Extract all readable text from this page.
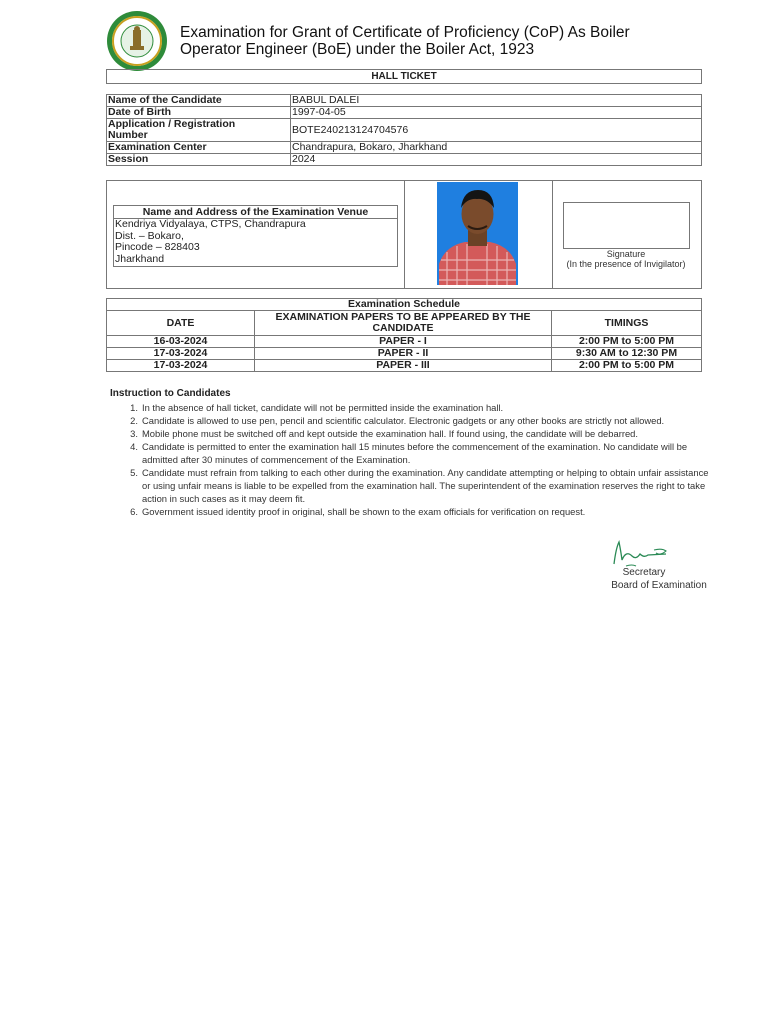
Examination for Grant of Certificate of Proficiency (CoP) As Boiler
Operator Engineer (BoE) under the Boiler Act, 1923
HALL TICKET
Name of the Candidate	BABUL DALEI
Date of Birth	1997-04-05

Application / Registration
Number	BOTE240213124704576
Examination Center	Chandrapura, Bokaro, Jharkhand
Session	2024
Name and Address of the Examination Venue
Kendriya Vidyalaya, CTPS, Chandrapura
Dist. – Bokaro,
Pincode – 828403
Jharkhand	Signature
(In the presence of Invigilator)
Examination Schedule		
DATE	EXAMINATION PAPERS TO BE APPEARED BY THE CANDIDATE	TIMINGS
16-03-2024	PAPER - I	2:00 PM to 5:00 PM
17-03-2024	PAPER - II	9:30 AM to 12:30 PM
17-03-2024	PAPER - III	2:00 PM to 5:00 PM
Instruction to Candidates
1. In the absence of hall ticket, candidate will not be permitted inside the examination hall.
2. Candidate is allowed to use pen, pencil and scientific calculator. Electronic gadgets or any other books are strictly not allowed.
3. Mobile phone must be switched off and kept outside the examination hall. If found using, the candidate will be debarred.
4. Candidate is permitted to enter the examination hall 15 minutes before the commencement of the examination. No candidate will be admitted after 30 minutes of commencement of the Examination.
5. Candidate must refrain from talking to each other during the examination. Any candidate attempting or helping to obtain unfair assistance or using unfair means is liable to be expelled from the examination hall. The superintendent of the examination reserves the right to take action in such cases as it may deem fit.
6. Government issued identity proof in original, shall be shown to the exam officials for verification on request.
Secretary
Board of Examination
